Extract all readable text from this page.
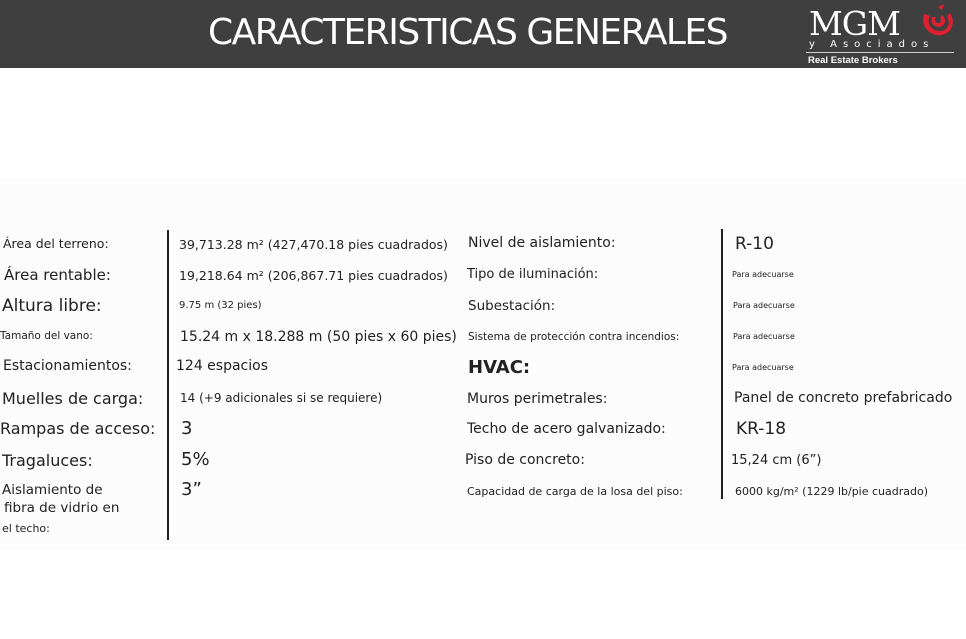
CARACTERISTICAS GENERALES MGM
y Asociados
Real Estate Brokers
Área del terreno:	39,713.28 m² (427,470.18 pies cuadrados)
Área rentable:	19,218.64 m² (206,867.71 pies cuadrados)
Altura libre:	9.75 m (32 pies)
Tamaño del vano:	15.24 m x 18.288 m (50 pies x 60 pies)
Estacionamientos:	124 espacios
Muelles de carga:	14 (+9 adicionales si se requiere)
Rampas de acceso: 3
Tragaluces:	5%
Aislamiento de
fibra de vidrio en
el techo:
3”
Nivel de aislamiento:	R-10
Tipo de iluminación:	Para adecuarse
Subestación:	Para adecuarse
Sistema de protección contra incendios:	Para adecuarse
HVAC:	Para adecuarse
Muros perimetrales:	Panel de concreto prefabricado
Techo de acero galvanizado:	KR-18
Piso de concreto:	15,24 cm (6”)
Capacidad de carga de la losa del piso:	6000 kg/m² (1229 lb/pie cuadrado)
